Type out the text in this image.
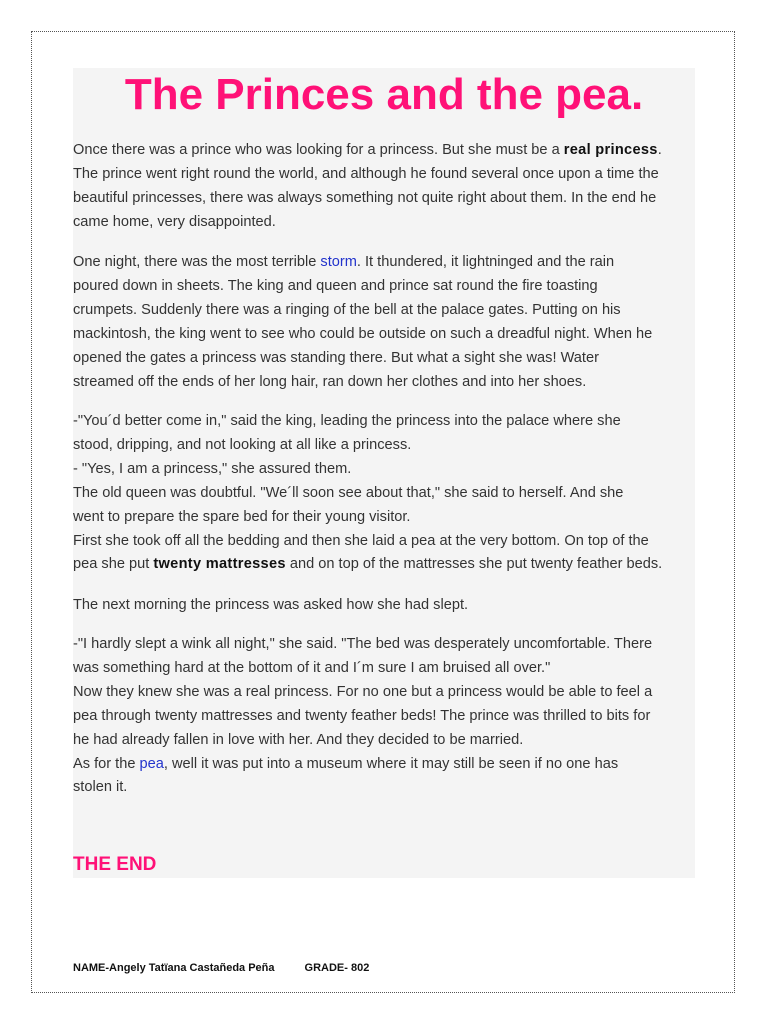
The Princes and the pea.

Once there was a prince who was looking for a princess. But she must be a real princess.

The prince went right round the world, and although he found several once upon a time the

beautiful princesses, there was always something not quite right about them. In the end he

came home, very disappointed.

One night, there was the most terrible storm. It thundered, it lightninged and the rain

poured down in sheets. The king and queen and prince sat round the fire toasting

crumpets. Suddenly there was a ringing of the bell at the palace gates. Putting on his

mackintosh, the king went to see who could be outside on such a dreadful night. When he

opened the gates a princess was standing there. But what a sight she was! Water

streamed off the ends of her long hair, ran down her clothes and into her shoes.

-"You´d better come in," said the king, leading the princess into the palace where she

stood, dripping, and not looking at all like a princess.

- "Yes, I am a princess," she assured them.

The old queen was doubtful. "We´ll soon see about that," she said to herself. And she

went to prepare the spare bed for their young visitor.

First she took off all the bedding and then she laid a pea at the very bottom. On top of the

pea she put twenty mattresses and on top of the mattresses she put twenty feather beds.

The next morning the princess was asked how she had slept.

-"I hardly slept a wink all night," she said. "The bed was desperately uncomfortable. There

was something hard at the bottom of it and I´m sure I am bruised all over."

Now they knew she was a real princess. For no one but a princess would be able to feel a

pea through twenty mattresses and twenty feather beds! The prince was thrilled to bits for

he had already fallen in love with her. And they decided to be married.

As for the pea, well it was put into a museum where it may still be seen if no one has

stolen it.

THE END

NAME-Angely Tatïana Castañeda Peña	GRADE- 802
